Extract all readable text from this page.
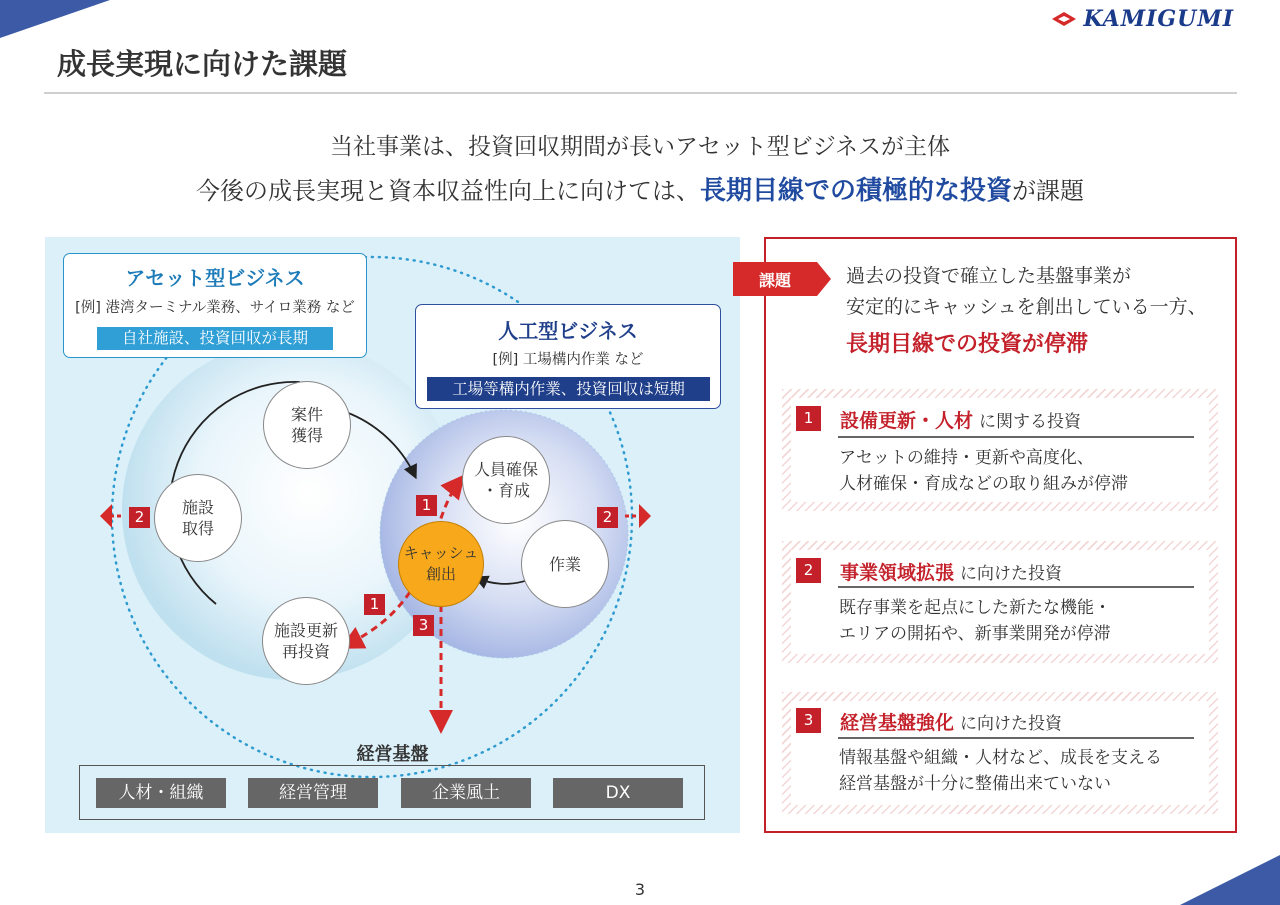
KAMIGUMI
成長実現に向けた課題
当社事業は、投資回収期間が長いアセット型ビジネスが主体
今後の成長実現と資本収益性向上に向けては、長期目線での積極的な投資が課題
アセット型ビジネス
[例] 港湾ターミナル業務、サイロ業務 など
自社施設、投資回収が長期	人工型ビジネス
[例] 工場構内作業 など
工場等構内作業、投資回収は短期
案件
獲得
施設
取得
施設更新
再投資
人員確保
・育成
作業
キャッシュ
創出
1
1
3
2	2
経営基盤
人材・組織	経営管理	企業風土	DX
課題	過去の投資で確立した基盤事業が
安定的にキャッシュを創出している一方、
長期目線での投資が停滞
1	設備更新・人材 に関する投資
アセットの維持・更新や高度化、
人材確保・育成などの取り組みが停滞
2	事業領域拡張 に向けた投資
既存事業を起点にした新たな機能・
エリアの開拓や、新事業開発が停滞
3	経営基盤強化 に向けた投資
情報基盤や組織・人材など、成長を支える
経営基盤が十分に整備出来ていない
3
